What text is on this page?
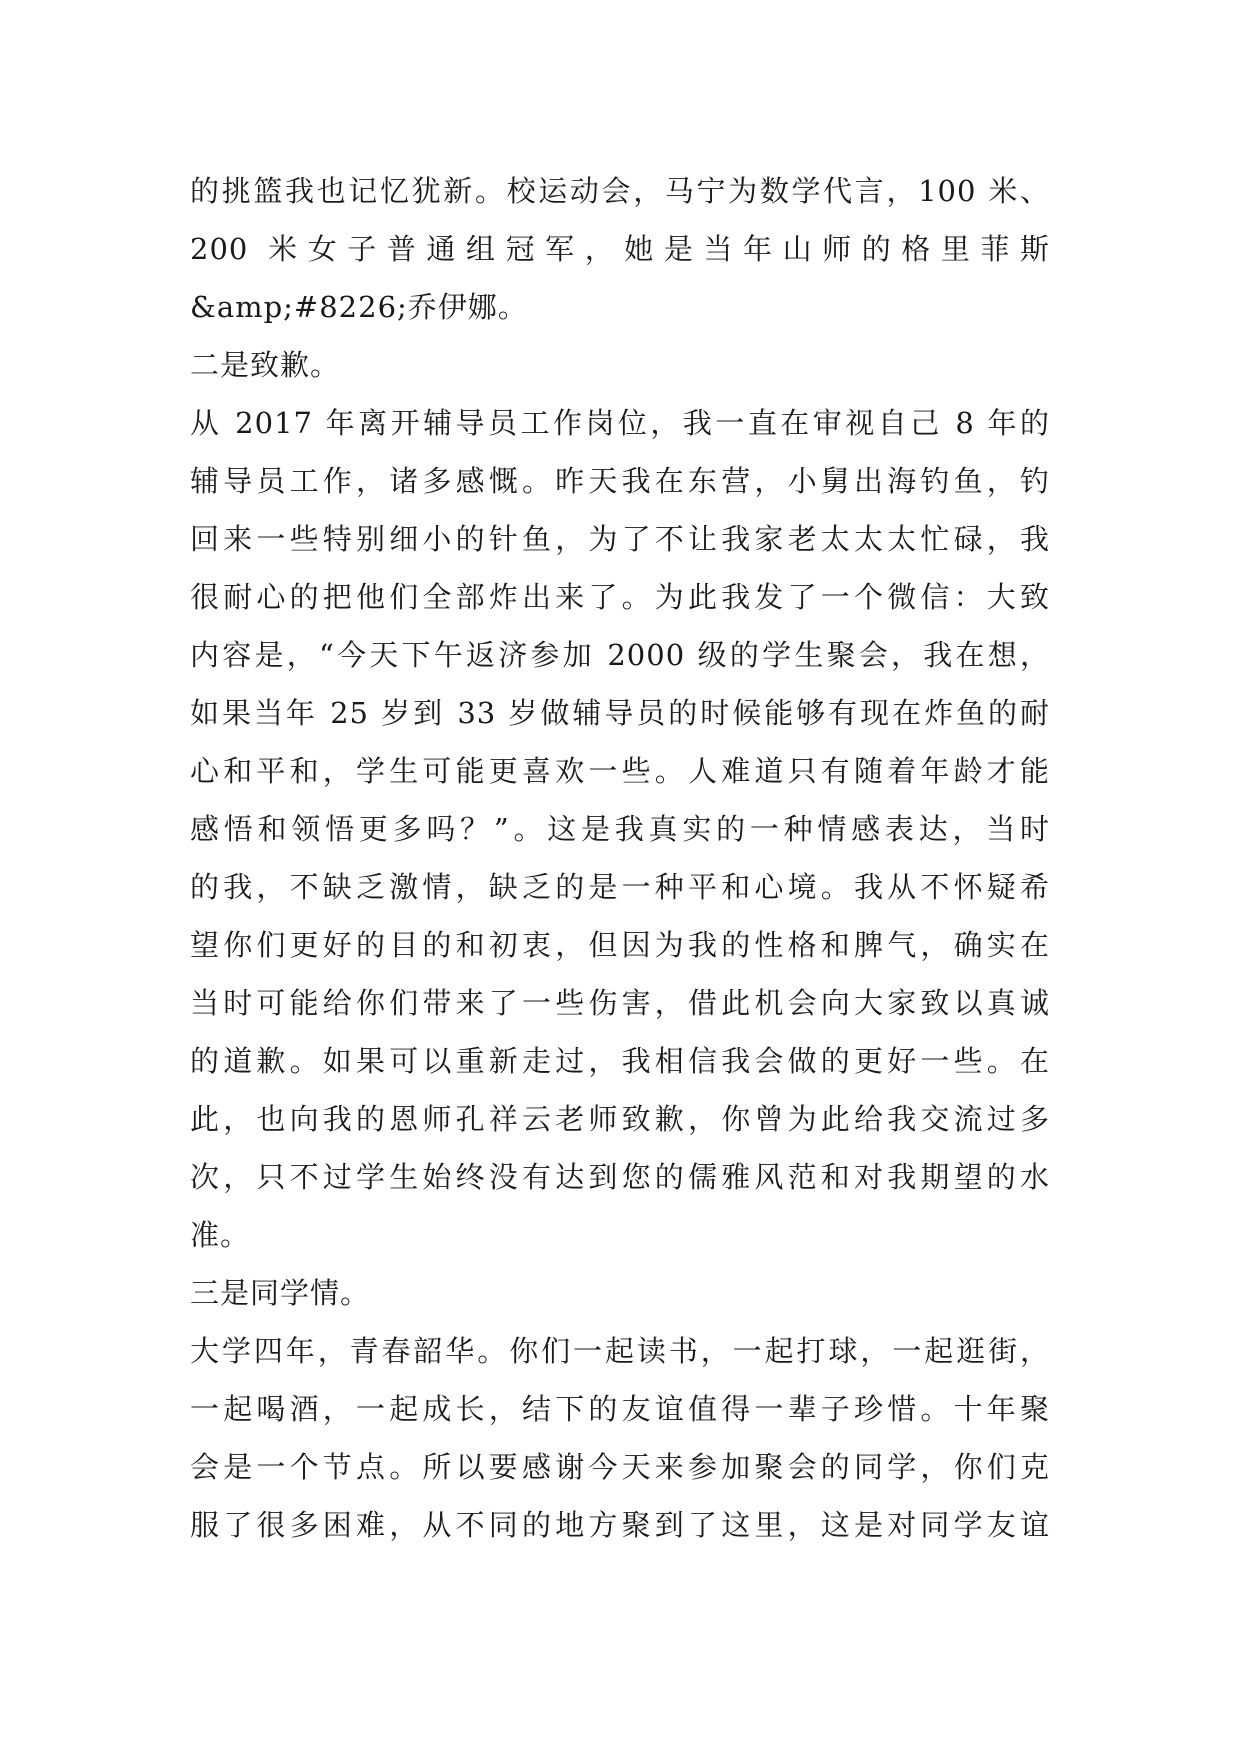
的挑篮我也记忆犹新。校运动会，马宁为数学代言，100 米、
200 米女子普通组冠军，她是当年山师的格里菲斯
&amp;#8226;乔伊娜。
二是致歉。
从 2017 年离开辅导员工作岗位，我一直在审视自己 8 年的
辅导员工作，诸多感慨。昨天我在东营，小舅出海钓鱼，钓
回来一些特别细小的针鱼，为了不让我家老太太太忙碌，我
很耐心的把他们全部炸出来了。为此我发了一个微信：大致
内容是，“今天下午返济参加 2000 级的学生聚会，我在想，
如果当年 25 岁到 33 岁做辅导员的时候能够有现在炸鱼的耐
心和平和，学生可能更喜欢一些。人难道只有随着年龄才能
感悟和领悟更多吗？”。这是我真实的一种情感表达，当时
的我，不缺乏激情，缺乏的是一种平和心境。我从不怀疑希
望你们更好的目的和初衷，但因为我的性格和脾气，确实在
当时可能给你们带来了一些伤害，借此机会向大家致以真诚
的道歉。如果可以重新走过，我相信我会做的更好一些。在
此，也向我的恩师孔祥云老师致歉，你曾为此给我交流过多
次，只不过学生始终没有达到您的儒雅风范和对我期望的水
准。
三是同学情。
大学四年，青春韶华。你们一起读书，一起打球，一起逛街，
一起喝酒，一起成长，结下的友谊值得一辈子珍惜。十年聚
会是一个节点。所以要感谢今天来参加聚会的同学，你们克
服了很多困难，从不同的地方聚到了这里，这是对同学友谊
